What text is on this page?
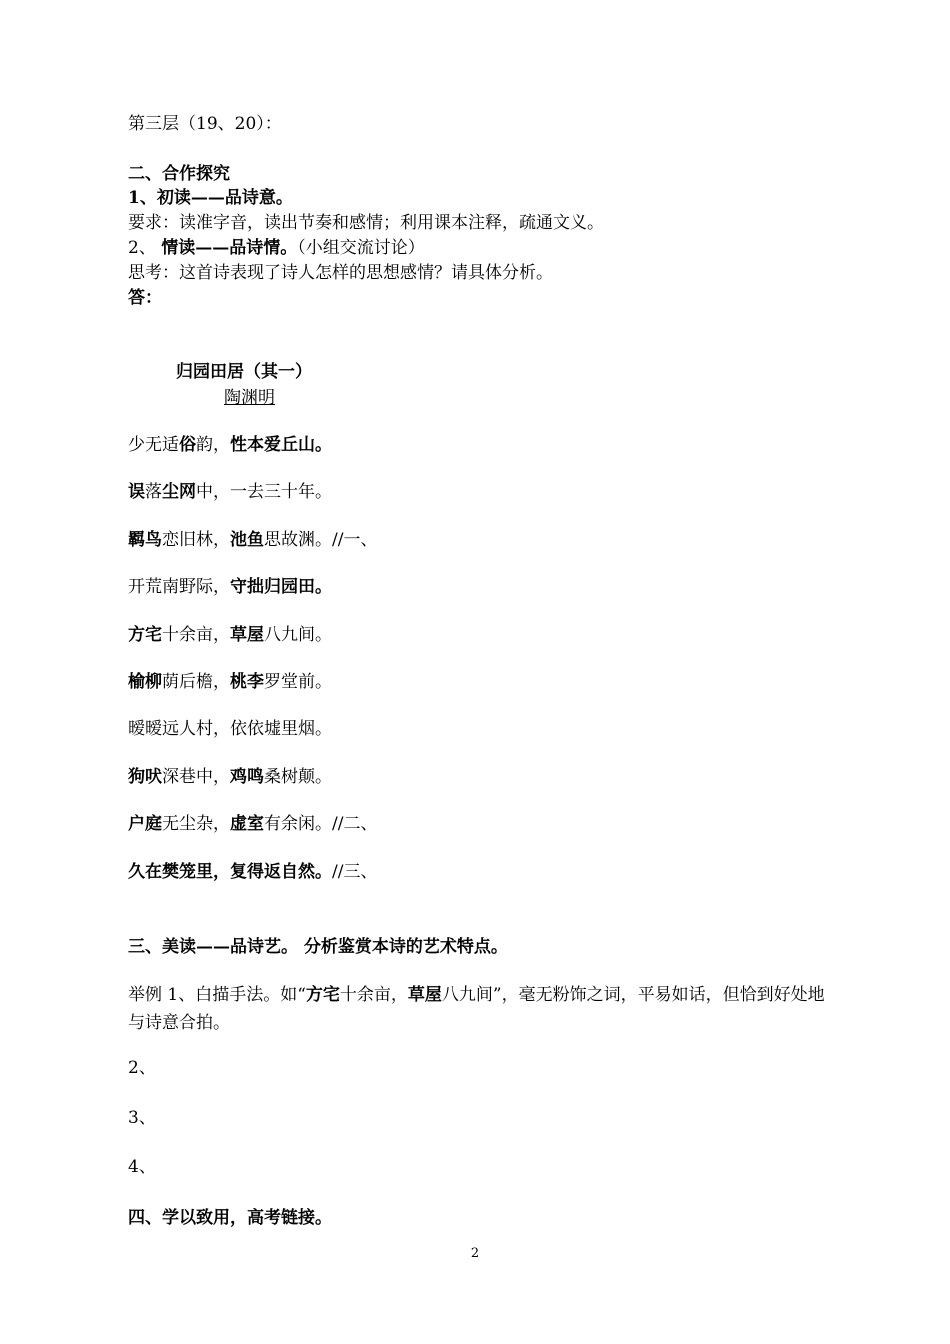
第三层（19、20）：
二、合作探究
1、初读——品诗意。
要求：读准字音，读出节奏和感情；利用课本注释，疏通文义。
2、 情读——品诗情。（小组交流讨论）
思考：这首诗表现了诗人怎样的思想感情？请具体分析。
答：
归园田居（其一）
陶渊明
少无适俗韵，性本爱丘山。
误落尘网中，一去三十年。
羁鸟恋旧林，池鱼思故渊。//一、
开荒南野际，守拙归园田。
方宅十余亩，草屋八九间。
榆柳荫后檐，桃李罗堂前。
暧暧远人村，依依墟里烟。
狗吠深巷中，鸡鸣桑树颠。
户庭无尘杂，虚室有余闲。//二、
久在樊笼里，复得返自然。//三、
三、美读——品诗艺。 分析鉴赏本诗的艺术特点。
举例 1、白描手法。如“方宅十余亩，草屋八九间”，毫无粉饰之词，平易如话，但恰到好处地与诗意合拍。
2、
3、
4、
四、学以致用，高考链接。
2
